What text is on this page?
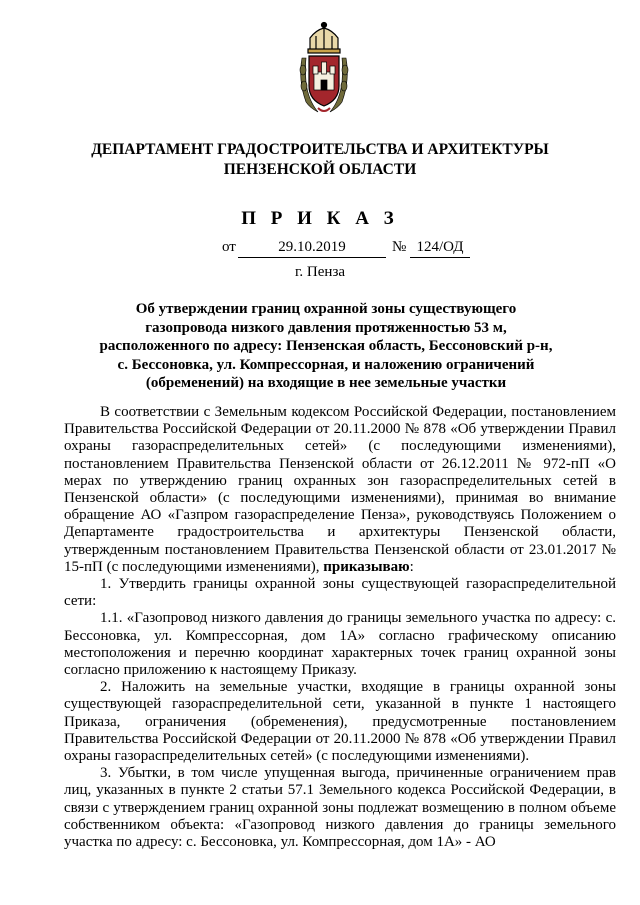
ДЕПАРТАМЕНТ ГРАДОСТРОИТЕЛЬСТВА И АРХИТЕКТУРЫ
ПЕНЗЕНСКОЙ ОБЛАСТИ
П Р И К А З
от	29.10.2019	№ 124/ОД
г. Пенза
Об утверждении границ охранной зоны существующего газопровода низкого давления протяженностью 53 м, расположенного по адресу: Пензенская область, Бессоновский р-н, с. Бессоновка, ул. Компрессорная, и наложению ограничений (обременений) на входящие в нее земельные участки

В соответствии с Земельным кодексом Российской Федерации, постановлением Правительства Российской Федерации от 20.11.2000 № 878 «Об утверждении Правил охраны газораспределительных сетей» (с последующими изменениями), постановлением Правительства Пензенской области от 26.12.2011 № 972-пП «О мерах по утверждению границ охранных зон газораспределительных сетей в Пензенской области» (с последующими изменениями), принимая во внимание обращение АО «Газпром газораспределение Пенза», руководствуясь Положением о Департаменте градостроительства и архитектуры Пензенской области, утвержденным постановлением Правительства Пензенской области от 23.01.2017 № 15-пП (с последующими изменениями), приказываю:

1. Утвердить границы охранной зоны существующей газораспределительной сети:

1.1. «Газопровод низкого давления до границы земельного участка по адресу: с. Бессоновка, ул. Компрессорная, дом 1А» согласно графическому описанию местоположения и перечню координат характерных точек границ охранной зоны согласно приложению к настоящему Приказу.

2. Наложить на земельные участки, входящие в границы охранной зоны существующей газораспределительной сети, указанной в пункте 1 настоящего Приказа, ограничения (обременения), предусмотренные постановлением Правительства Российской Федерации от 20.11.2000 № 878 «Об утверждении Правил охраны газораспределительных сетей» (с последующими изменениями).

3. Убытки, в том числе упущенная выгода, причиненные ограничением прав лиц, указанных в пункте 2 статьи 57.1 Земельного кодекса Российской Федерации, в связи с утверждением границ охранной зоны подлежат возмещению в полном объеме собственником объекта: «Газопровод низкого давления до границы земельного участка по адресу: с. Бессоновка, ул. Компрессорная, дом 1А» - АО
